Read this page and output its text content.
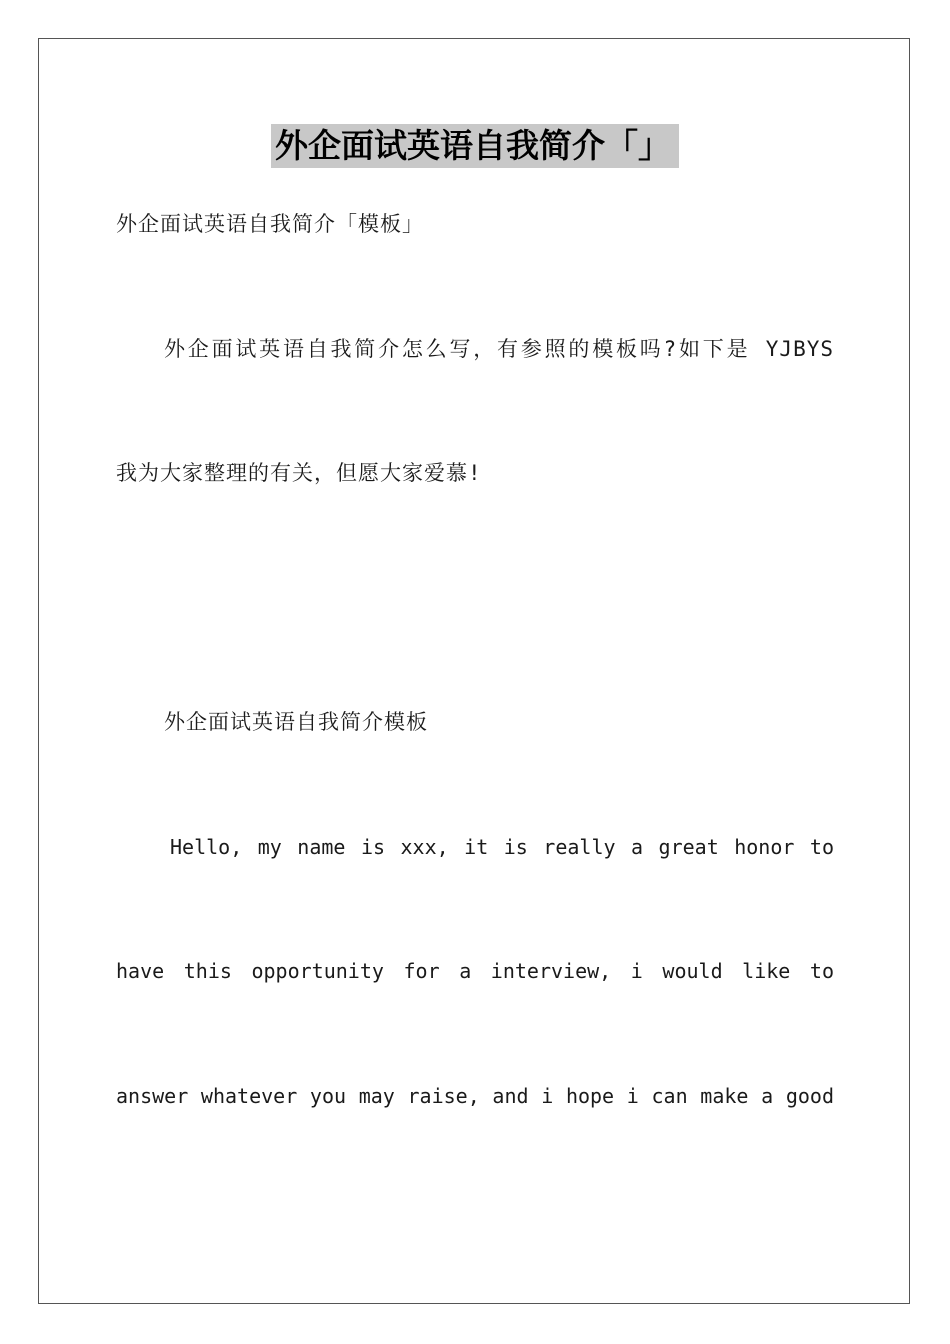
外企面试英语自我简介「」
外企面试英语自我简介「模板」
外企面试英语自我简介怎么写，有参照的模板吗?如下是 YJBYS
我为大家整理的有关，但愿大家爱慕!
外企面试英语自我简介模板
Hello, my name is xxx, it is really a great honor to
have this opportunity for a interview, i would like to
answer whatever you may raise, and i hope i can make a good
